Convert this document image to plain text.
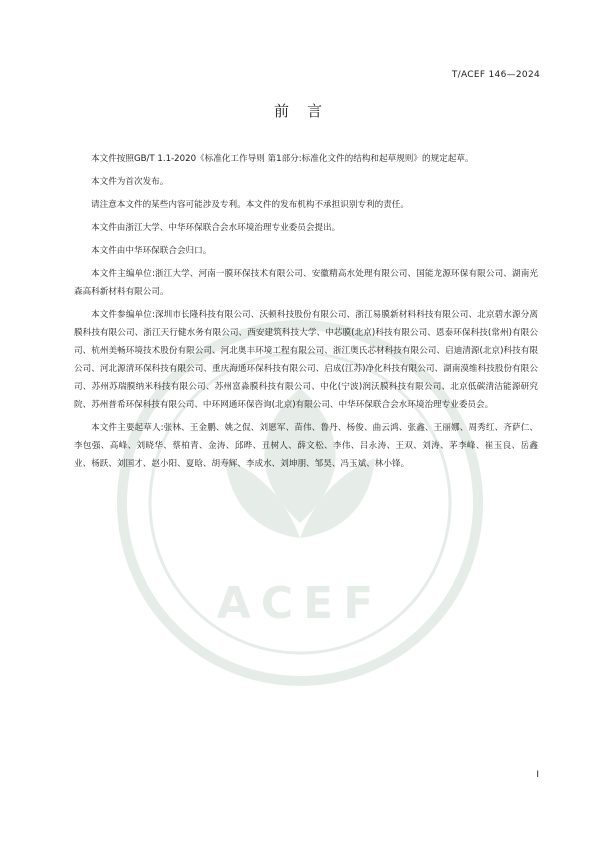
ACEF
T/ACEF 146—2024
前言

本文件按照GB/T 1.1-2020《标准化工作导则 第1部分:标准化文件的结构和起草规则》的规定起草。

本文件为首次发布。

请注意本文件的某些内容可能涉及专利。本文件的发布机构不承担识别专利的责任。

本文件由浙江大学、中华环保联合会水环境治理专业委员会提出。

本文件由中华环保联合会归口。

本文件主编单位:浙江大学、河南一膜环保技术有限公司、安徽精高水处理有限公司、国能龙源环保有限公司、湖南光森高科新材料有限公司。

本文件参编单位:深圳市长隆科技有限公司、沃顿科技股份有限公司、浙江易膜新材料科技有限公司、北京碧水源分离膜科技有限公司、浙江天行健水务有限公司、西安建筑科技大学、中芯膜(北京)科技有限公司、恩泰环保科技(常州)有限公司、杭州美畅环境技术股份有限公司、河北奥丰环境工程有限公司、浙江奥氏芯材科技有限公司、启迪清源(北京)科技有限公司、河北源清环保科技有限公司、重庆海通环保科技有限公司、启成(江苏)净化科技有限公司、湖南漠维科技股份有限公司、苏州苏瑞膜纳米科技有限公司、苏州富淼膜科技有限公司、中化(宁波)润沃膜科技有限公司、北京低碳清洁能源研究院、苏州普希环保科技有限公司、中环网通环保咨询(北京)有限公司、中华环保联合会水环境治理专业委员会。

本文件主要起草人:张林、王金鹏、姚之侃、刘愿军、苗伟、鲁丹、杨俊、曲云鸿、张鑫、王丽娜、周秀红、齐萨仁、李包强、高峰、刘晓华、蔡柏青、金涛、邱晔、丑树人、薛文松、李伟、吕永涛、王双、刘涛、茅李峰、崔玉良、岳鑫业、杨跃、刘国才、赵小阳、夏晗、胡寿辉、李成水、刘坤朋、邹昊、冯玉斌、林小锋。

I
